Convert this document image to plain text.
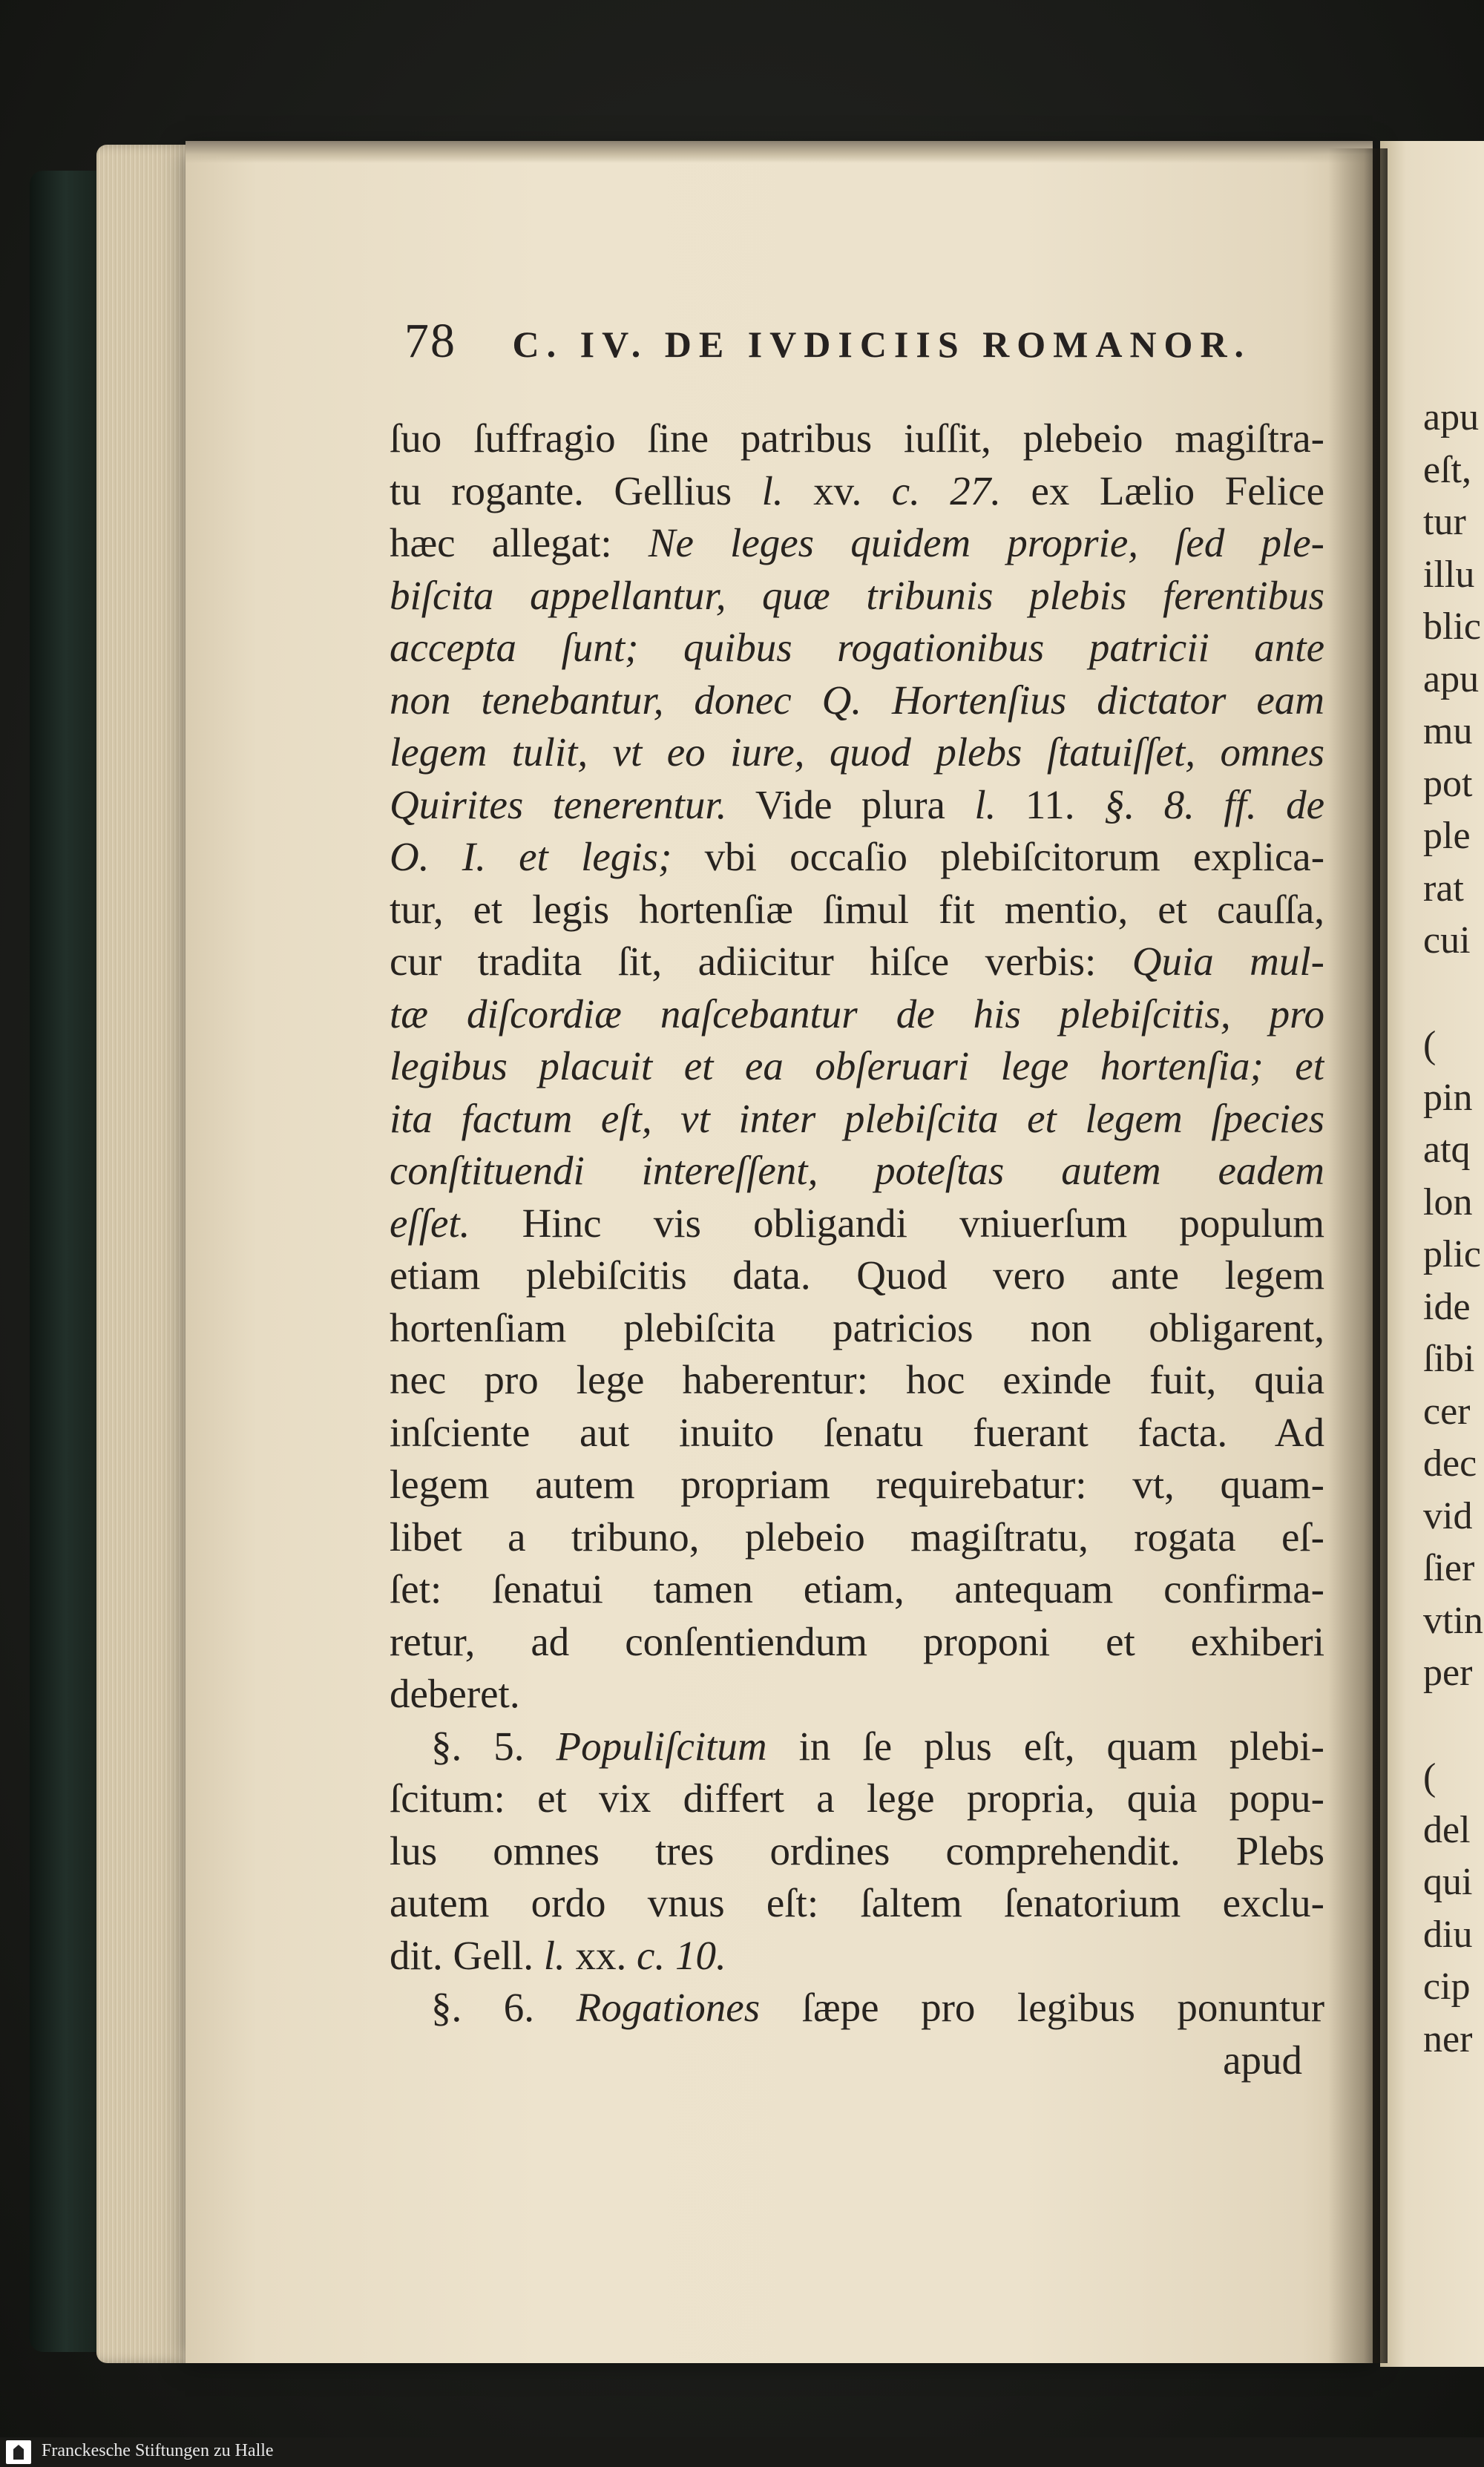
78 C. IV. DE IVDICIIS ROMANOR.
ſuo ſuffragio ſine patribus iuſſit, plebeio magiſtra-
tu rogante. Gellius l. xv. c. 27. ex Lælio Felice
hæc allegat: Ne leges quidem proprie, ſed ple-
biſcita appellantur, quæ tribunis plebis ferentibus
accepta ſunt; quibus rogationibus patricii ante
non tenebantur, donec Q. Hortenſius dictator eam
legem tulit, vt eo iure, quod plebs ſtatuiſſet, omnes
Quirites tenerentur. Vide plura l. 11. §. 8. ff. de
O. I. et legis; vbi occaſio plebiſcitorum explica-
tur, et legis hortenſiæ ſimul fit mentio, et cauſſa,
cur tradita ſit, adiicitur hiſce verbis: Quia mul-
tæ diſcordiæ naſcebantur de his plebiſcitis, pro
legibus placuit et ea obſeruari lege hortenſia; et
ita factum eſt, vt inter plebiſcita et legem ſpecies
conſtituendi intereſſent, poteſtas autem eadem
eſſet. Hinc vis obligandi vniuerſum populum
etiam plebiſcitis data. Quod vero ante legem
hortenſiam plebiſcita patricios non obligarent,
nec pro lege haberentur: hoc exinde fuit, quia
inſciente aut inuito ſenatu fuerant facta. Ad
legem autem propriam requirebatur: vt, quam-
libet a tribuno, plebeio magiſtratu, rogata eſ-
ſet: ſenatui tamen etiam, antequam confirma-
retur, ad conſentiendum proponi et exhiberi
deberet.
§. 5. Populiſcitum in ſe plus eſt, quam plebi-
ſcitum: et vix differt a lege propria, quia popu-
lus omnes tres ordines comprehendit. Plebs
autem ordo vnus eſt: ſaltem ſenatorium exclu-
dit. Gell. l. xx. c. 10.
§. 6. Rogationes ſæpe pro legibus ponuntur
apud
apu
eſt,
tur
illu
blic
apu
mu
pot
ple
rat
cui
(
pin
atq
lon
plic
ide
ſibi
cer
dec
vid
ſier
vtin
per
(
del
qui
diu
cip
ner
Franckesche Stiftungen zu Halle
